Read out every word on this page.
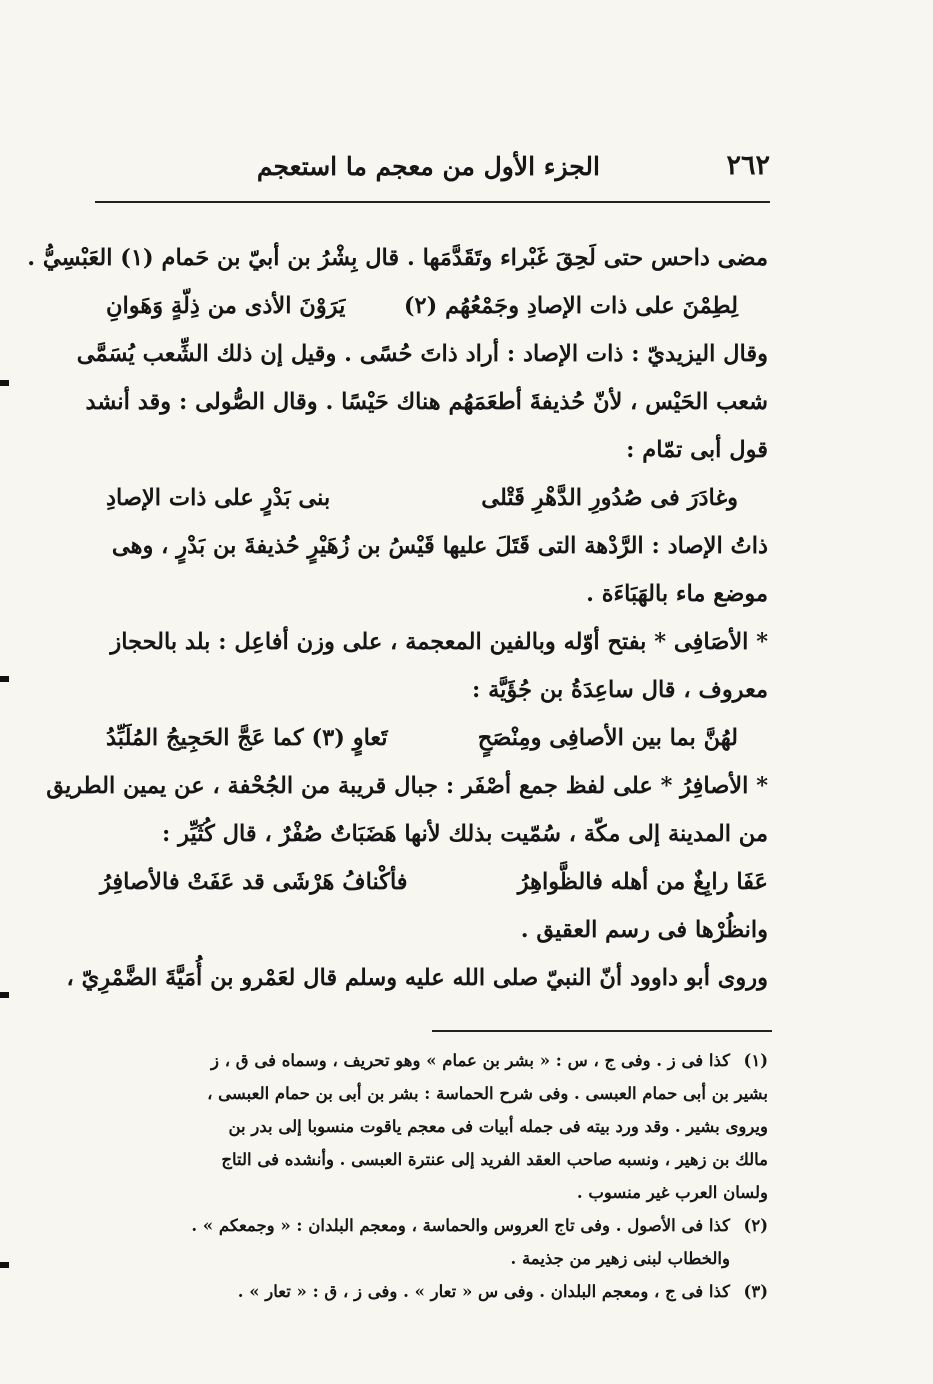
٢٦٢
الجزء الأول من معجم ما استعجم
مضى داحس حتى لَحِقَ غَبْراء وتَقَدَّمَها . قال بِشْرُ بن أبيّ بن حَمام (١) العَبْسِيُّ .
لِطِمْنَ على ذات الإصادِ وجَمْعُهُم (٢)
يَرَوْنَ الأذى من ذِلّةٍ وَهَوانِ
وقال اليزيديّ : ذات الإصاد : أراد ذاتَ حُسًى . وقيل إن ذلك الشِّعب يُسَمَّى
شعب الحَيْس ، لأنّ حُذيفةَ أطعَمَهُم هناك حَيْسًا . وقال الصُّولى : وقد أنشد
قول أبى تمّام :
وغادَرَ فى صُدُورِ الدَّهْرِ قَتْلى
بنى بَدْرٍ على ذات الإصادِ
ذاتُ الإصاد : الرَّدْهة التى قَتَلَ عليها قَيْسُ بن زُهَيْرٍ حُذيفةَ بن بَدْرٍ ، وهى
موضع ماء بالهَبَاءَة .
* الأصَافِى * بفتح أوّله وبالفين المعجمة ، على وزن أفاعِل : بلد بالحجاز
معروف ، قال ساعِدَةُ بن جُؤَيَّة :
لهُنَّ بما بين الأصافِى ومِنْصَحٍ
تَعاوٍ (٣) كما عَجَّ الحَجِيجُ المُلَبِّدُ
* الأصافِرُ * على لفظ جمع أصْفَر : جبال قريبة من الجُحْفة ، عن يمين الطريق
من المدينة إلى مكّة ، سُمّيت بذلك لأنها هَضَبَاتٌ صُفْرٌ ، قال كُثَيِّر :
عَفَا رابِغٌ من أهله فالظَّواهِرُ
فأكْنافُ هَرْشَى قد عَفَتْ فالأصافِرُ
وانظُرْها فى رسم العقيق .
وروى أبو داوود أنّ النبيّ صلى الله عليه وسلم قال لعَمْرو بن أُمَيَّةَ الضَّمْرِيّ ،
(١)كذا فى ز . وفى ج ، س : « بشر بن عمام » وهو تحريف ، وسماه فى ق ، ز
بشير بن أبى حمام العبسى . وفى شرح الحماسة : بشر بن أبى بن حمام العبسى ،
ويروى بشير . وقد ورد بيته فى جمله أبيات فى معجم ياقوت منسوبا إلى بدر بن
مالك بن زهير ، ونسبه صاحب العقد الفريد إلى عنترة العبسى . وأنشده فى التاج
ولسان العرب غير منسوب .
(٢)كذا فى الأصول . وفى تاج العروس والحماسة ، ومعجم البلدان : « وجمعكم » .
والخطاب لبنى زهير من جذيمة .
(٣)كذا فى ج ، ومعجم البلدان . وفى س « تعار » . وفى ز ، ق : « تعار » .
